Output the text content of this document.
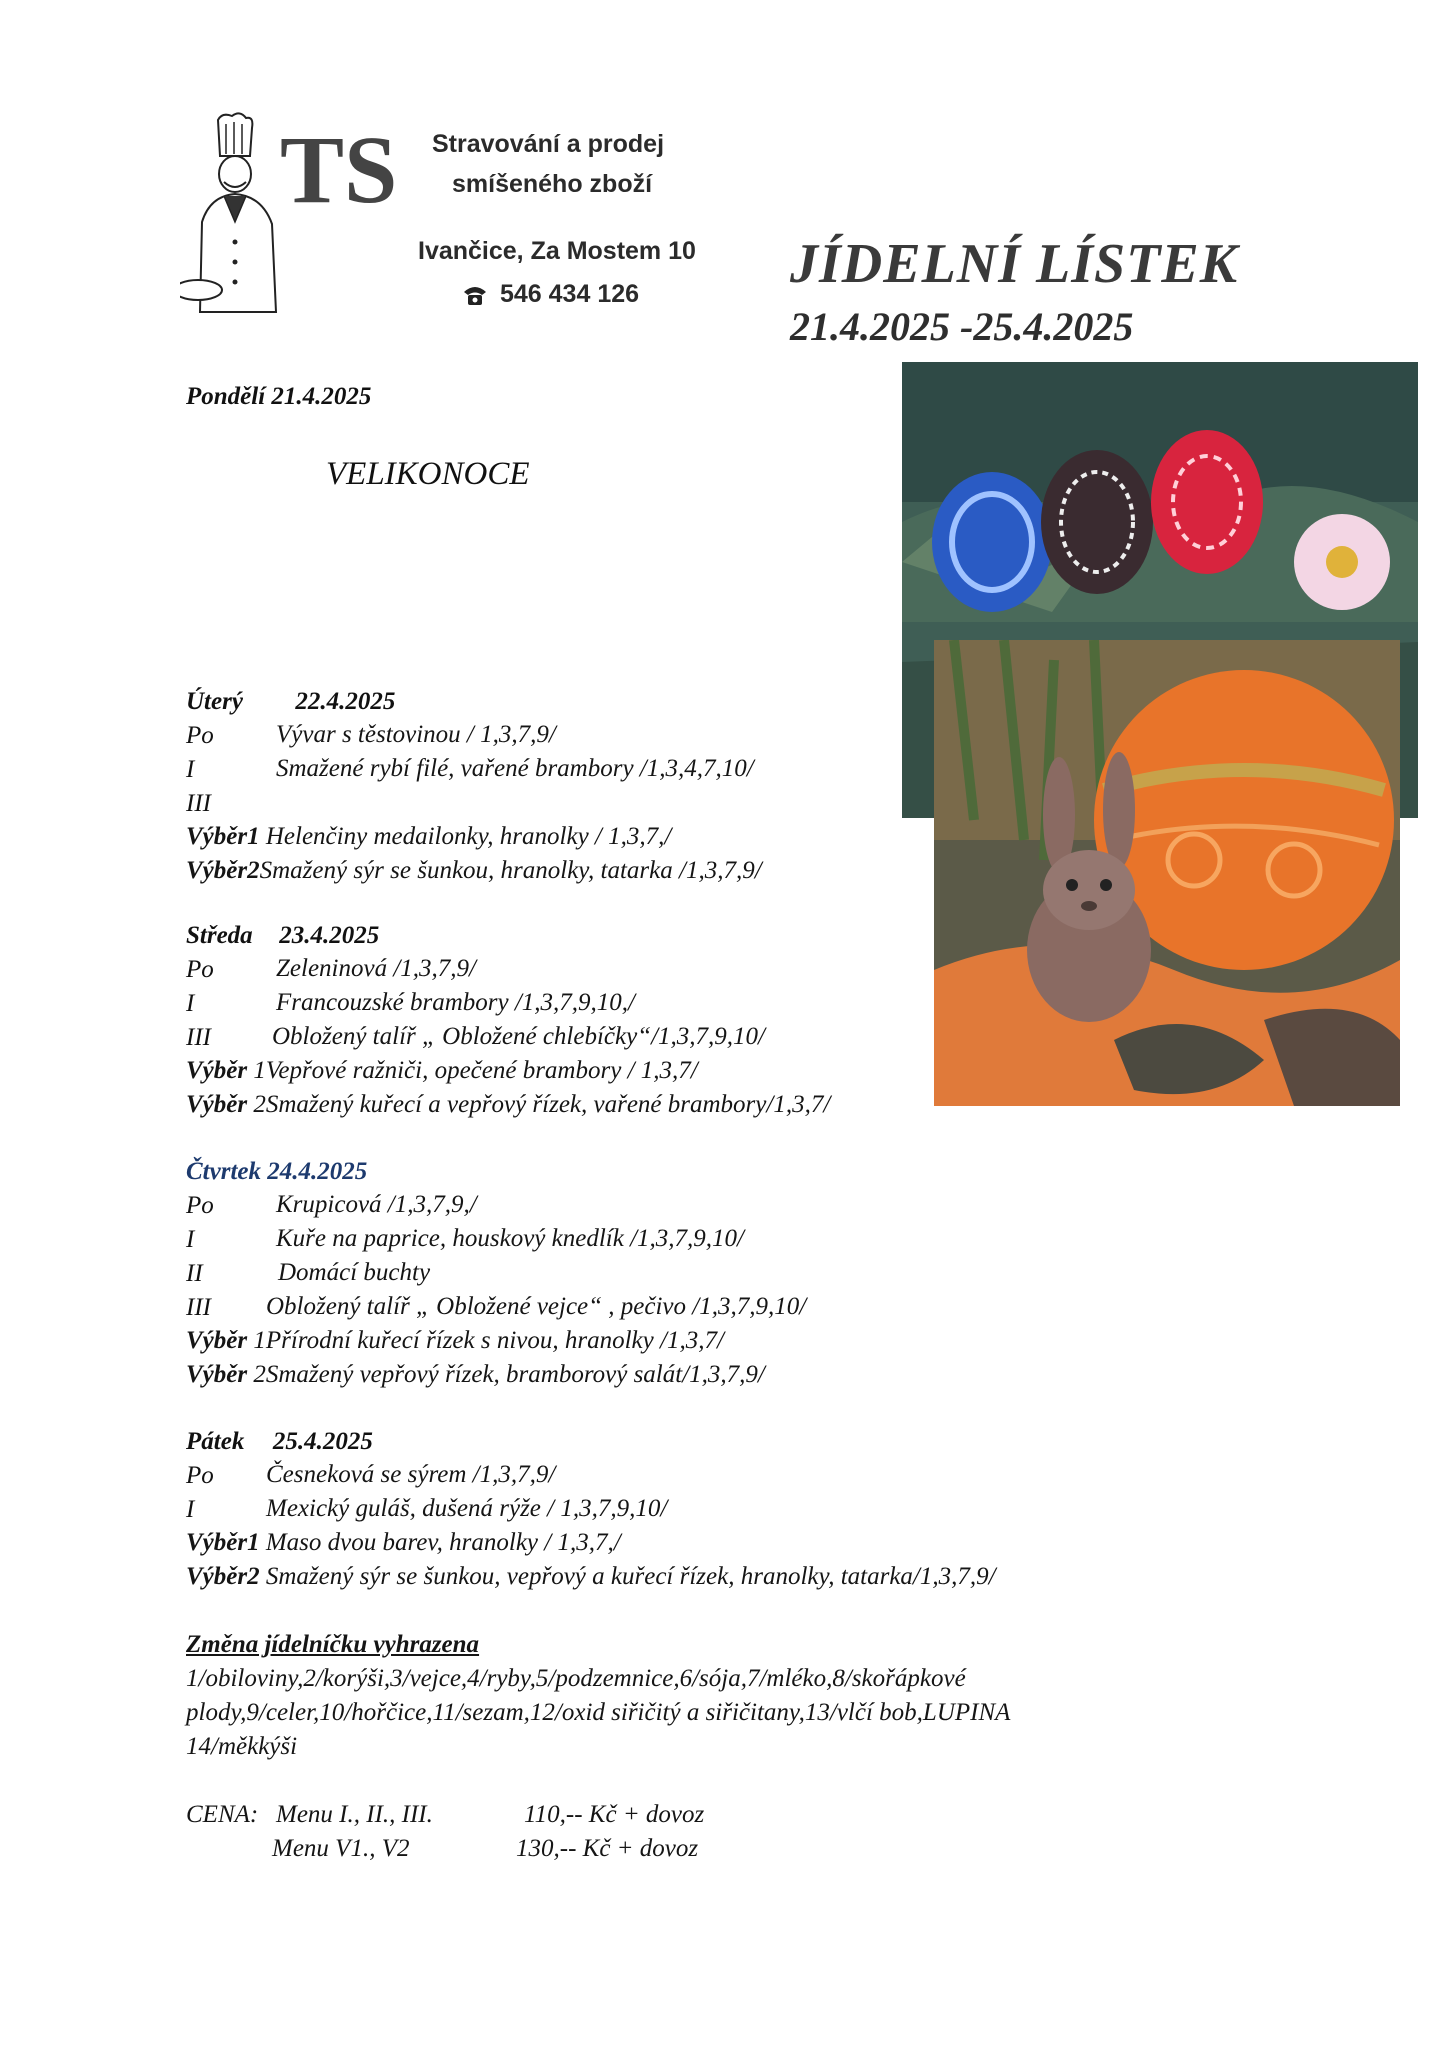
TS Stravování a prodej
smíšeného zboží
Ivančice, Za Mostem 10
546 434 126	JÍDELNÍ LÍSTEK
21.4.2025 -25.4.2025
Pondělí 21.4.2025
VELIKONOCE
Úterý 22.4.2025
Po Vývar s těstovinou / 1,3,7,9/
I	Smažené rybí filé, vařené brambory /1,3,4,7,10/
III
Výběr1 Helenčiny medailonky, hranolky / 1,3,7,/
Výběr2Smažený sýr se šunkou, hranolky, tatarka /1,3,7,9/
Středa 23.4.2025
Po Zeleninová /1,3,7,9/
I	Francouzské brambory /1,3,7,9,10,/
III Obložený talíř „ Obložené chlebíčky“/1,3,7,9,10/
Výběr 1Vepřové ražniči, opečené brambory / 1,3,7/
Výběr 2Smažený kuřecí a vepřový řízek, vařené brambory/1,3,7/
Čtvrtek 24.4.2025
Po Krupicová /1,3,7,9,/
I	Kuře na paprice, houskový knedlík /1,3,7,9,10/
II	Domácí buchty
III Obložený talíř „ Obložené vejce“ , pečivo /1,3,7,9,10/
Výběr 1Přírodní kuřecí řízek s nivou, hranolky /1,3,7/
Výběr 2Smažený vepřový řízek, bramborový salát/1,3,7,9/
Pátek 25.4.2025
Po Česneková se sýrem /1,3,7,9/
I	Mexický guláš, dušená rýže / 1,3,7,9,10/
Výběr1 Maso dvou barev, hranolky / 1,3,7,/
Výběr2 Smažený sýr se šunkou, vepřový a kuřecí řízek, hranolky, tatarka/1,3,7,9/
Změna jídelníčku vyhrazena
1/obiloviny,2/korýši,3/vejce,4/ryby,5/podzemnice,6/sója,7/mléko,8/skořápkové
plody,9/celer,10/hořčice,11/sezam,12/oxid siřičitý a siřičitany,13/vlčí bob,LUPINA
14/měkkýši
CENA: Menu I., II., III.	110,-- Kč + dovoz
Menu V1., V2	130,-- Kč + dovoz
